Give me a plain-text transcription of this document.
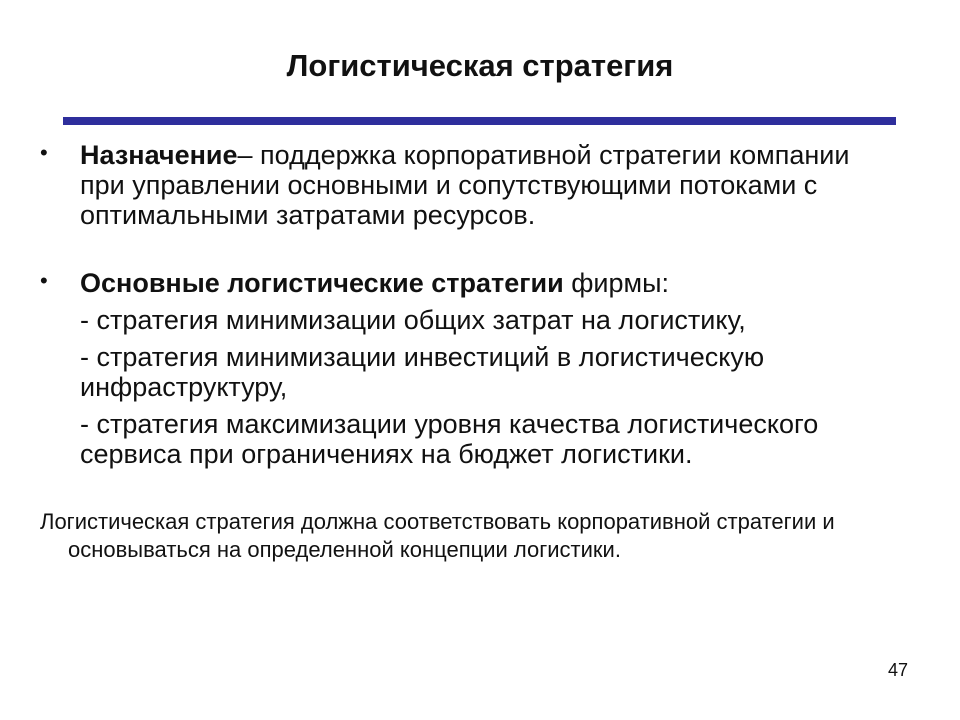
Логистическая стратегия
• Назначение– поддержка корпоративной стратегии компании при управлении основными и сопутствующими потоками с оптимальными затратами ресурсов.
• Основные логистические стратегии фирмы:
- стратегия минимизации общих затрат на логистику,
- стратегия минимизации инвестиций в логистическую инфраструктуру,
- стратегия максимизации уровня качества логистического сервиса при ограничениях на бюджет логистики.
Логистическая стратегия должна соответствовать корпоративной стратегии и основываться на определенной концепции логистики.
47
